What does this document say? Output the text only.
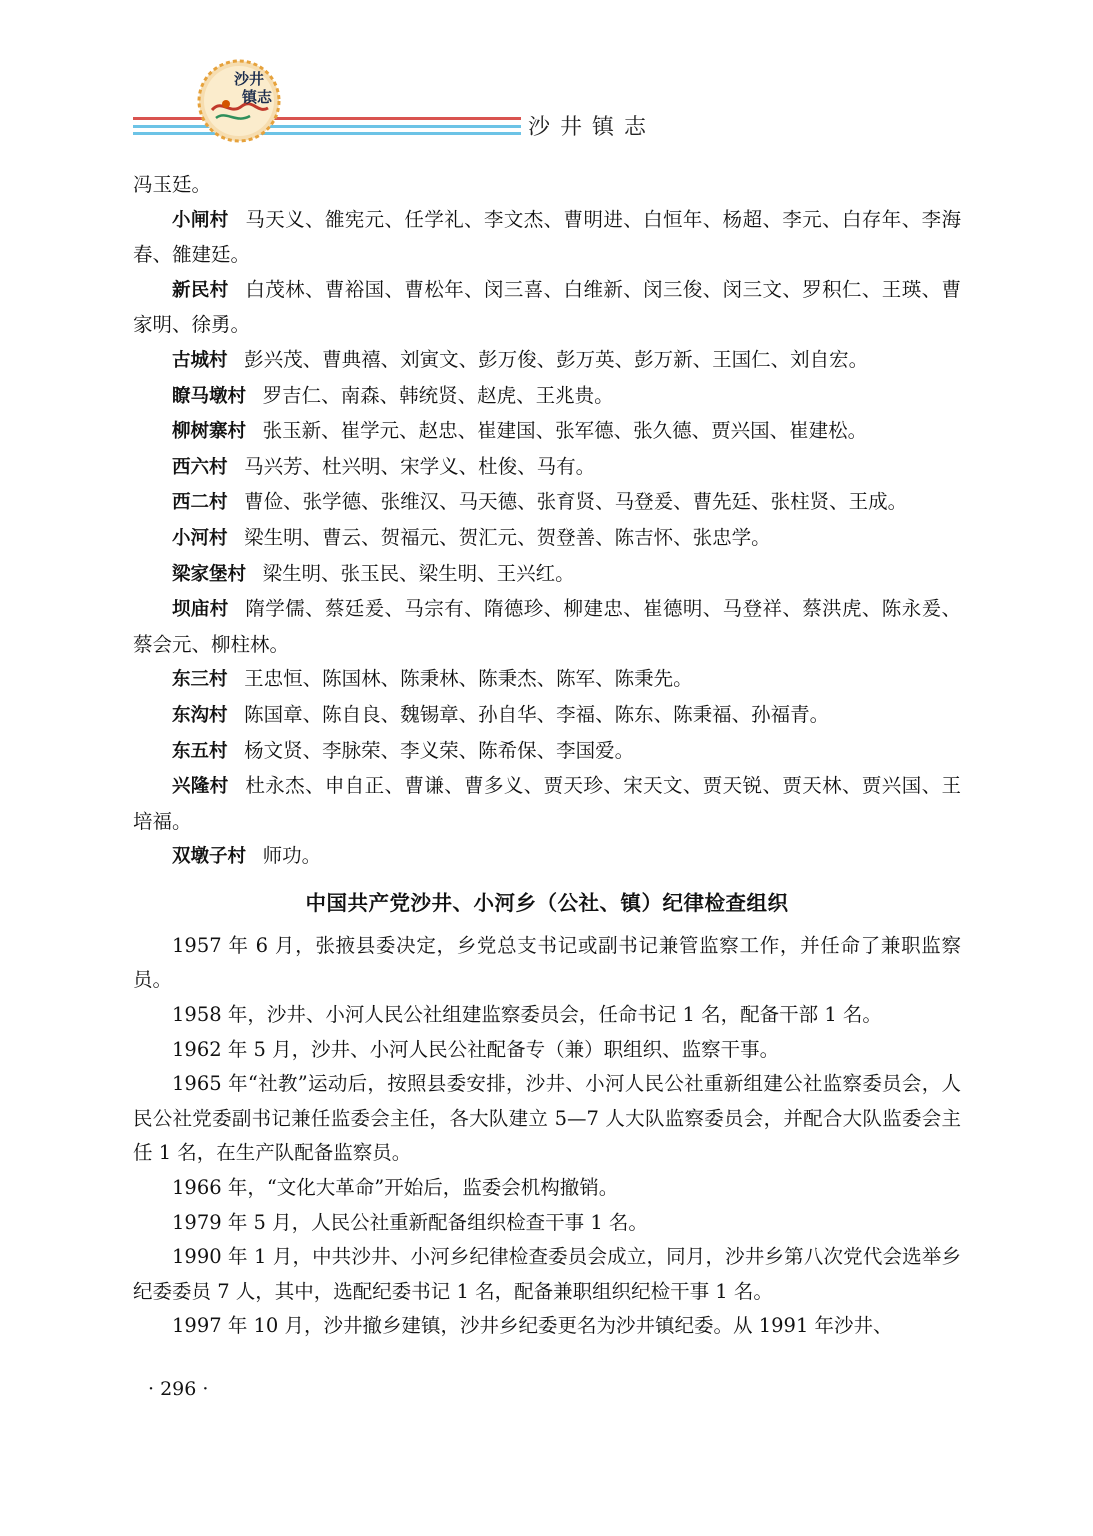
沙井
镇志
沙井镇志

冯玉廷。

小闸村 马天义、雒宪元、任学礼、李文杰、曹明进、白恒年、杨超、李元、白存年、李海春、雒建廷。

新民村 白茂林、曹裕国、曹松年、闵三喜、白维新、闵三俊、闵三文、罗积仁、王瑛、曹家明、徐勇。

古城村 彭兴茂、曹典禧、刘寅文、彭万俊、彭万英、彭万新、王国仁、刘自宏。

瞭马墩村 罗吉仁、南森、韩统贤、赵虎、王兆贵。

柳树寨村 张玉新、崔学元、赵忠、崔建国、张军德、张久德、贾兴国、崔建松。

西六村 马兴芳、杜兴明、宋学义、杜俊、马有。

西二村 曹俭、张学德、张维汉、马天德、张育贤、马登爰、曹先廷、张柱贤、王成。

小河村 梁生明、曹云、贺福元、贺汇元、贺登善、陈吉怀、张忠学。

梁家堡村 梁生明、张玉民、梁生明、王兴红。

坝庙村 隋学儒、蔡廷爰、马宗有、隋德珍、柳建忠、崔德明、马登祥、蔡洪虎、陈永爰、蔡会元、柳柱林。

东三村 王忠恒、陈国林、陈秉林、陈秉杰、陈军、陈秉先。

东沟村 陈国章、陈自良、魏锡章、孙自华、李福、陈东、陈秉福、孙福青。

东五村 杨文贤、李脉荣、李义荣、陈希保、李国爱。

兴隆村 杜永杰、申自正、曹谦、曹多义、贾天珍、宋天文、贾天锐、贾天林、贾兴国、王培福。

双墩子村 师功。

中国共产党沙井、小河乡（公社、镇）纪律检查组织

1957 年 6 月，张掖县委决定，乡党总支书记或副书记兼管监察工作，并任命了兼职监察员。

1958 年，沙井、小河人民公社组建监察委员会，任命书记 1 名，配备干部 1 名。

1962 年 5 月，沙井、小河人民公社配备专（兼）职组织、监察干事。

1965 年“社教”运动后，按照县委安排，沙井、小河人民公社重新组建公社监察委员会，人民公社党委副书记兼任监委会主任，各大队建立 5—7 人大队监察委员会，并配合大队监委会主任 1 名，在生产队配备监察员。

1966 年，“文化大革命”开始后，监委会机构撤销。

1979 年 5 月，人民公社重新配备组织检查干事 1 名。

1990 年 1 月，中共沙井、小河乡纪律检查委员会成立，同月，沙井乡第八次党代会选举乡纪委委员 7 人，其中，选配纪委书记 1 名，配备兼职组织纪检干事 1 名。

1997 年 10 月，沙井撤乡建镇，沙井乡纪委更名为沙井镇纪委。从 1991 年沙井、

· 296 ·
